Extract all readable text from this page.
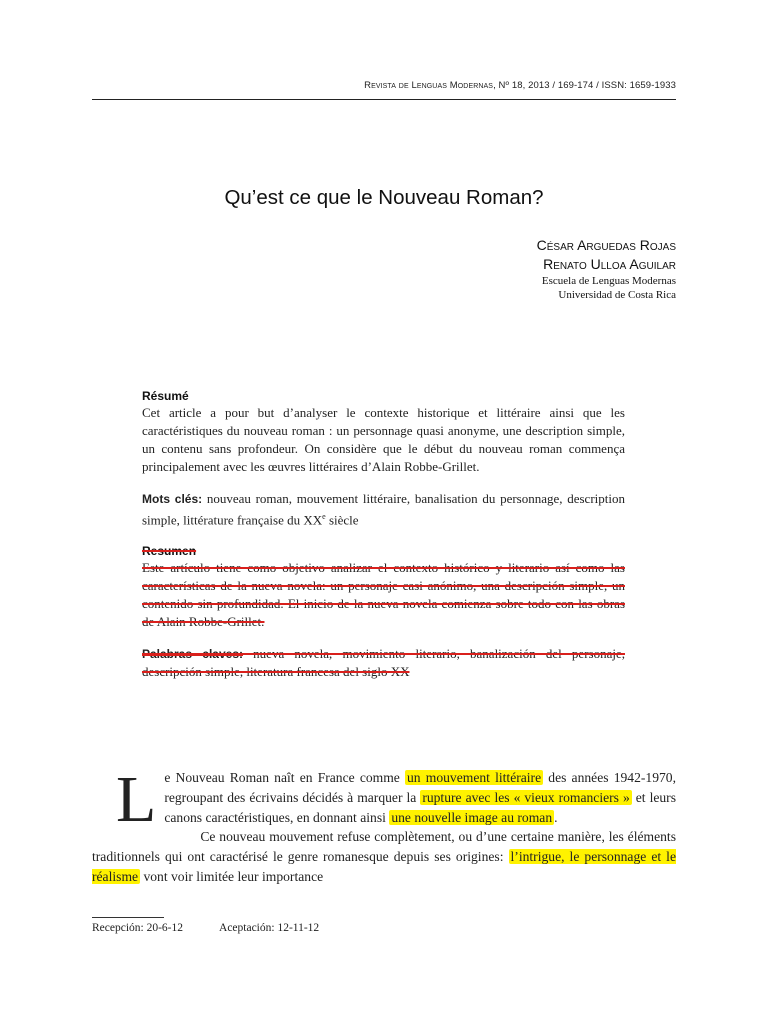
Revista de Lenguas Modernas, Nº 18, 2013 / 169-174 / ISSN: 1659-1933
Qu’est ce que le Nouveau Roman?
César Arguedas Rojas
Renato Ulloa Aguilar
Escuela de Lenguas Modernas
Universidad de Costa Rica
Résumé
Cet article a pour but d’analyser le contexte historique et littéraire ainsi que les caractéristiques du nouveau roman : un personnage quasi anonyme, une description simple, un contenu sans profondeur. On considère que le début du nouveau roman commença principalement avec les œuvres littéraires d’Alain Robbe-Grillet.
Mots clés: nouveau roman, mouvement littéraire, banalisation du personnage, description simple, littérature française du XXe siècle
Resumen
Este artículo tiene como objetivo analizar el contexto histórico y literario así como las características de la nueva novela: un personaje casi anónimo, una descripción simple, un contenido sin profundidad. El inicio de la nueva novela comienza sobre todo con las obras de Alain Robbe-Grillet.
Palabras claves: nueva novela, movimiento literario, banalización del personaje, descripción simple, literatura francesa del siglo XX

Le Nouveau Roman naît en France comme un mouvement littéraire des années 1942-1970, regroupant des écrivains décidés à marquer la rupture avec les « vieux romanciers » et leurs canons caractéristiques, en donnant ainsi une nouvelle image au roman .

Ce nouveau mouvement refuse complètement, ou d’une certaine manière, les éléments traditionnels qui ont caractérisé le genre romanesque depuis ses origines: l’intrigue, le personnage et le réalisme vont voir limitée leur importance

Recepción: 20-6-12	Aceptación: 12-11-12
